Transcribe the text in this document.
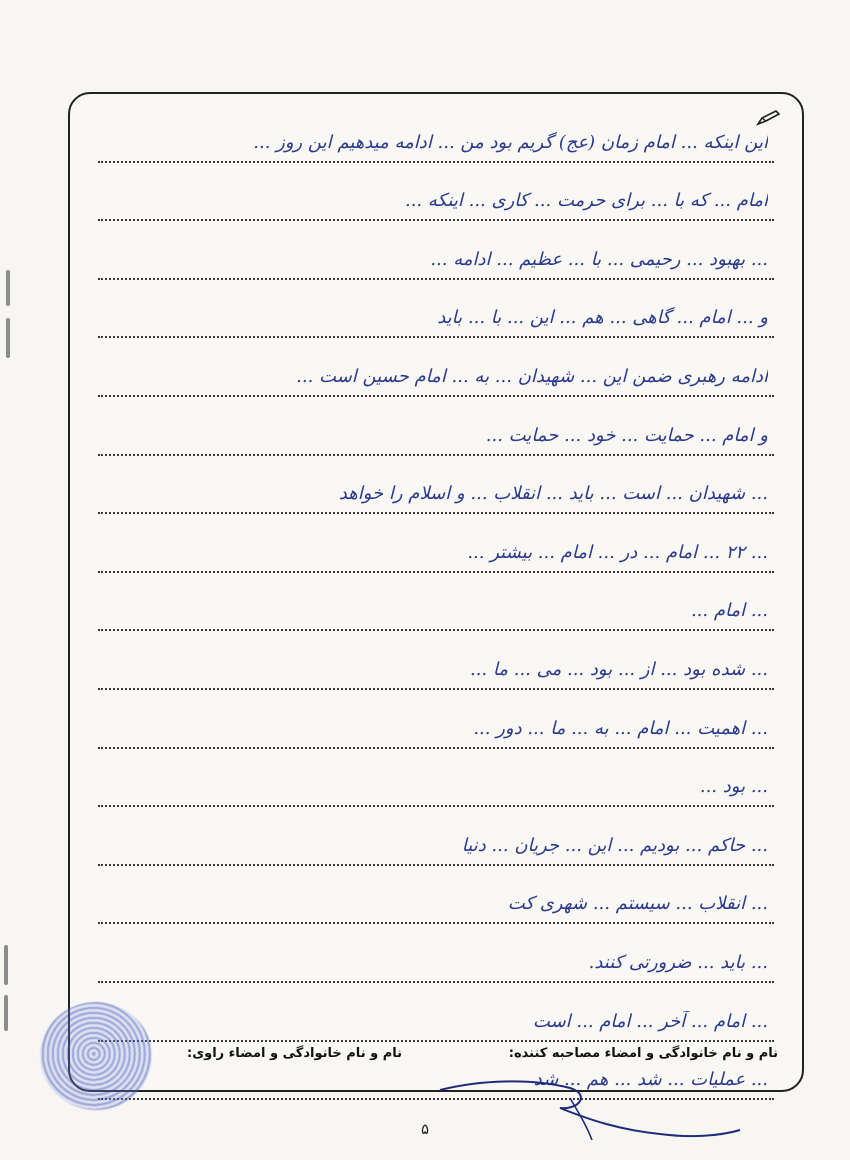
این اینکه ... امام زمان (عج) گریم بود من ... ادامه میدهیم این روز ...
امام ... که با ... برای حرمت ... کاری ... اینکه ...
... بهبود ... رحیمی ... با ... عظیم ... ادامه ...
و ... امام ... گاهی ... هم ... این ... با ... باید
ادامه رهبری ضمن این ... شهیدان ... به ... امام حسین است ...
و امام ... حمایت ... خود ... حمایت ...
... شهیدان ... است ... باید ... انقلاب ... و اسلام را خواهد
... ۲۲ ... امام ... در ... امام ... بیشتر ...
... امام ...
... شده بود ... از ... بود ... می ... ما ...
... اهمیت ... امام ... به ... ما ... دور ...
... بود ...
... حاکم ... بودیم ... این ... جریان ... دنیا
... انقلاب ... سیستم ... شهری کت
... باید ... ضرورتی کنند.
... امام ... آخر ... امام ... است
... عملیات ... شد ... هم ... شد
نام و نام خانوادگی و امضاء مصاحبه کننده:
نام و نام خانوادگی و امضاء راوی:
۵
